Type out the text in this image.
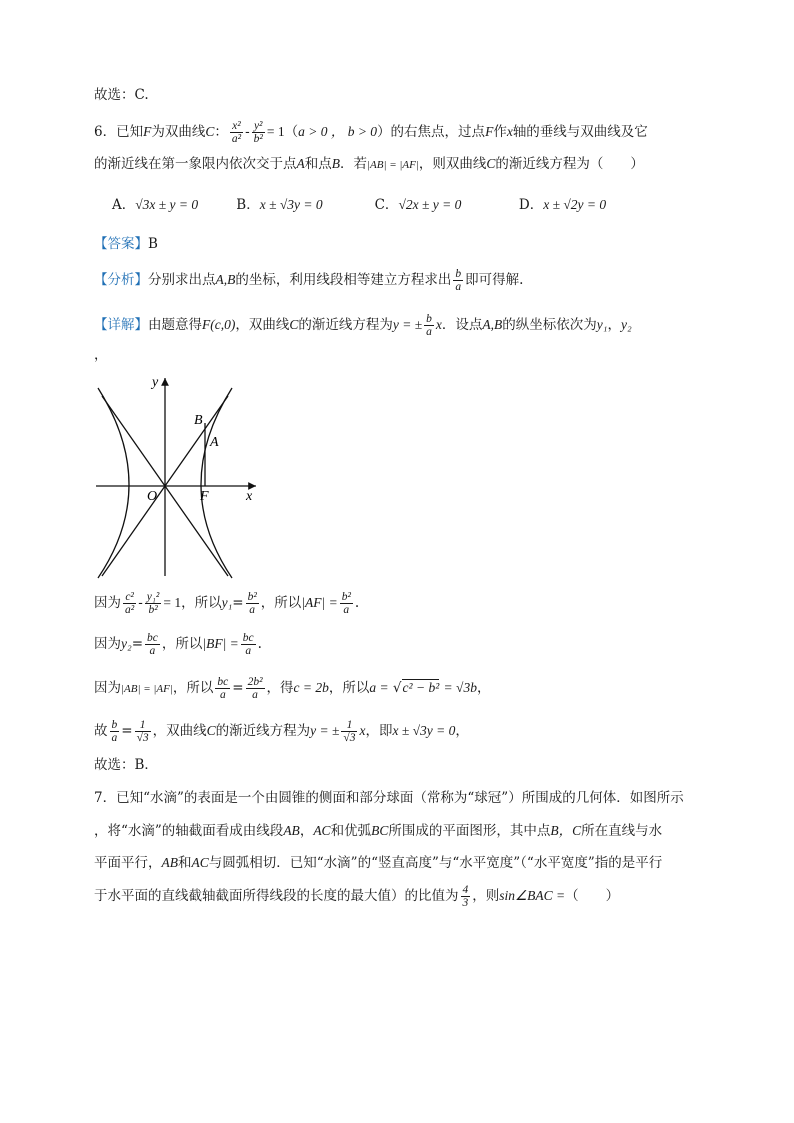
故选：C.
6．已知F为双曲线C： $\frac{\text{x²}}{\text{a²}} - \frac{\text{y²}}{\text{b²}} = 1(a > 0$ ， b > 0）的右焦点，过点F作x轴的垂线与双曲线及它
的渐近线在第一象限内依次交于点A和点B．若|AB| = |AF|，则双曲线C的渐近线方程为（　　）
A．√3x ± y = 0	B．x ± √3y = 0	C．√2x ± y = 0	D．x ± √2y = 0
【答案】B
【分析】分别求出点A,B的坐标，利用线段相等建立方程求出 $\frac{b}{a}$ 即可得解.
【详解】由题意得F(c,0)，双曲线C的渐近线方程为y = ± $\frac{b}{a}$ x．设点A,B的纵坐标依次为y₁，y₂
，
y
x
O	F
A
B
因为 $\frac{\text{c²}}{\text{a²}} - \frac{\text{y₁²}}{\text{b²}} = 1$，所以$y_1= \frac{\text{b²}}{a}$ ，所以$|AF| = \frac{\text{b²}}{a}$ .
因为$y_2= \frac{bc}{a}$ ，所以$|BF| = \frac{bc}{a}$ .
因为|AB| = |AF|，所以 $\frac{bc}{a} = \frac{\text{2b²}}{a}$ ，得c = 2b，所以a = √c² − b² = √3b，
故 $\frac{b}{a} = \frac{1}{√3}$ ，双曲线C的渐近线方程为y = ± $\frac{1}{√3}$ x，即x ± √3y = 0，
故选：B．
7．已知“水滴”的表面是一个由圆锥的侧面和部分球面（常称为“球冠”）所围成的几何体．如图所示
，将“水滴”的轴截面看成由线段AB，AC和优弧BC所围成的平面图形，其中点B，C所在直线与水
平面平行，AB和AC与圆弧相切．已知“水滴”的“竖直高度”与“水平宽度”（“水平宽度”指的是平行
于水平面的直线截轴截面所得线段的长度的最大值）的比值为 $\frac{4}{3}$ ，则sin∠BAC =（　　）
